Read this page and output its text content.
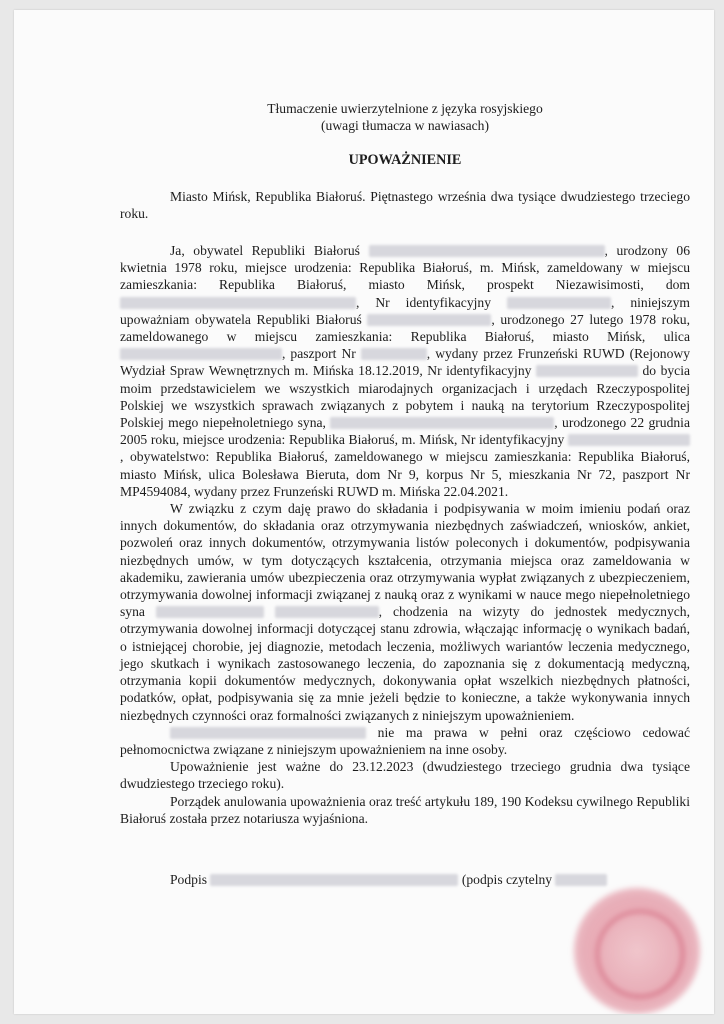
Tłumaczenie uwierzytelnione z języka rosyjskiego
(uwagi tłumacza w nawiasach)
UPOWAŻNIENIE

Miasto Mińsk, Republika Białoruś. Piętnastego września dwa tysiące dwudziestego trzeciego roku.

Ja, obywatel Republiki Białoruś	, urodzony 06 kwietnia 1978 roku, miejsce urodzenia: Republika Białoruś, m. Mińsk, zameldowany w miejscu zamieszkania: Republika Białoruś, miasto Mińsk, prospekt Niezawisimosti, dom , Nr identyfikacyjny	, niniejszym upoważniam obywatela Republiki Białoruś	, urodzonego 27 lutego 1978 roku, zameldowanego w miejscu zamieszkania: Republika Białoruś, miasto Mińsk, ulica , paszport Nr	, wydany przez Frunzeński RUWD (Rejonowy Wydział Spraw Wewnętrznych m. Mińska 18.12.2019, Nr identyfikacyjny	do bycia moim przedstawicielem we wszystkich miarodajnych organizacjach i urzędach Rzeczypospolitej Polskiej we wszystkich sprawach związanych z pobytem i nauką na terytorium Rzeczypospolitej Polskiej mego niepełnoletniego syna,	, urodzonego 22 grudnia 2005 roku, miejsce urodzenia: Republika Białoruś, m. Mińsk, Nr identyfikacyjny , obywatelstwo: Republika Białoruś, zameldowanego w miejscu zamieszkania: Republika Białoruś, miasto Mińsk, ulica Bolesława Bieruta, dom Nr 9, korpus Nr 5, mieszkania Nr 72, paszport Nr MP4594084, wydany przez Frunzeński RUWD m. Mińska 22.04.2021.

W związku z czym daję prawo do składania i podpisywania w moim imieniu podań oraz innych dokumentów, do składania oraz otrzymywania niezbędnych zaświadczeń, wniosków, ankiet, pozwoleń oraz innych dokumentów, otrzymywania listów poleconych i dokumentów, podpisywania niezbędnych umów, w tym dotyczących kształcenia, otrzymania miejsca oraz zameldowania w akademiku, zawierania umów ubezpieczenia oraz otrzymywania wypłat związanych z ubezpieczeniem, otrzymywania dowolnej informacji związanej z nauką oraz z wynikami w nauce mego niepełnoletniego syna	, chodzenia na wizyty do jednostek medycznych, otrzymywania dowolnej informacji dotyczącej stanu zdrowia, włączając informację o wynikach badań, o istniejącej chorobie, jej diagnozie, metodach leczenia, możliwych wariantów leczenia medycznego, jego skutkach i wynikach zastosowanego leczenia, do zapoznania się z dokumentacją medyczną, otrzymania kopii dokumentów medycznych, dokonywania opłat wszelkich niezbędnych płatności, podatków, opłat, podpisywania się za mnie jeżeli będzie to konieczne, a także wykonywania innych niezbędnych czynności oraz formalności związanych z niniejszym upoważnieniem.

nie ma prawa w pełni oraz częściowo cedować pełnomocnictwa związane z niniejszym upoważnieniem na inne osoby.

Upoważnienie jest ważne do 23.12.2023 (dwudziestego trzeciego grudnia dwa tysiące dwudziestego trzeciego roku).

Porządek anulowania upoważnienia oraz treść artykułu 189, 190 Kodeksu cywilnego Republiki Białoruś została przez notariusza wyjaśniona.

Podpis	(podpis czytelny
